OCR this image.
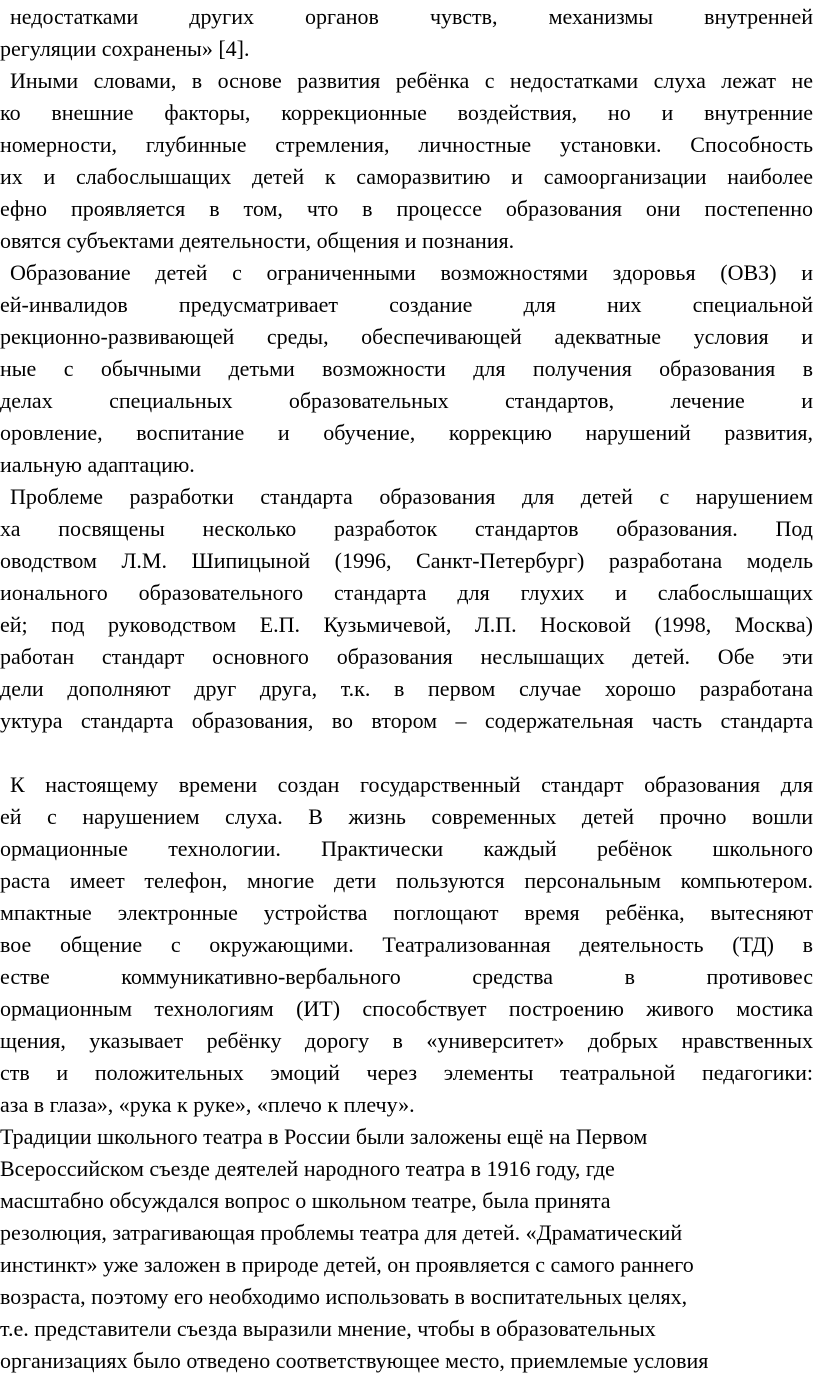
недостатками других органов чувств, механизмы внутренней
регуляции сохранены» [4].
Иными словами, в основе развития ребёнка с недостатками слуха лежат не
ко внешние факторы, коррекционные воздействия, но и внутренние
номерности, глубинные стремления, личностные установки. Способность
их и слабослышащих детей к саморазвитию и самоорганизации наиболее
ефно проявляется в том, что в процессе образования они постепенно
овятся субъектами деятельности, общения и познания.
Образование детей с ограниченными возможностями здоровья (ОВЗ) и
ей-инвалидов предусматривает создание для них специальной
рекционно-развивающей среды, обеспечивающей адекватные условия и
ные с обычными детьми возможности для получения образования в
делах специальных образовательных стандартов, лечение и
оровление, воспитание и обучение, коррекцию нарушений развития,
иальную адаптацию.
Проблеме разработки стандарта образования для детей с нарушением
ха посвящены несколько разработок стандартов образования. Под
оводством Л.М. Шипицыной (1996, Санкт-Петербург) разработана модель
ионального образовательного стандарта для глухих и слабослышащих
ей; под руководством Е.П. Кузьмичевой, Л.П. Носковой (1998, Москва)
работан стандарт основного образования неслышащих детей. Обе эти
дели дополняют друг друга, т.к. в первом случае хорошо разработана
уктура стандарта образования, во втором – содержательная часть стандарта
К настоящему времени создан государственный стандарт образования для
ей с нарушением слуха. В жизнь современных детей прочно вошли
ормационные технологии. Практически каждый ребёнок школьного
раста имеет телефон, многие дети пользуются персональным компьютером.
мпактные электронные устройства поглощают время ребёнка, вытесняют
вое общение с окружающими. Театрализованная деятельность (ТД) в
естве коммуникативно-вербального средства в противовес
ормационным технологиям (ИТ) способствует построению живого мостика
щения, указывает ребёнку дорогу в «университет» добрых нравственных
ств и положительных эмоций через элементы театральной педагогики:
аза в глаза», «рука к руке», «плечо к плечу».
Традиции школьного театра в России были заложены ещё на Первом
Всероссийском съезде деятелей народного театра в 1916 году, где
масштабно обсуждался вопрос о школьном театре, была принята
резолюция, затрагивающая проблемы театра для детей. «Драматический
инстинкт» уже заложен в природе детей, он проявляется с самого раннего
возраста, поэтому его необходимо использовать в воспитательных целях,
т.е. представители съезда выразили мнение, чтобы в образовательных
организациях было отведено соответствующее место, приемлемые условия
